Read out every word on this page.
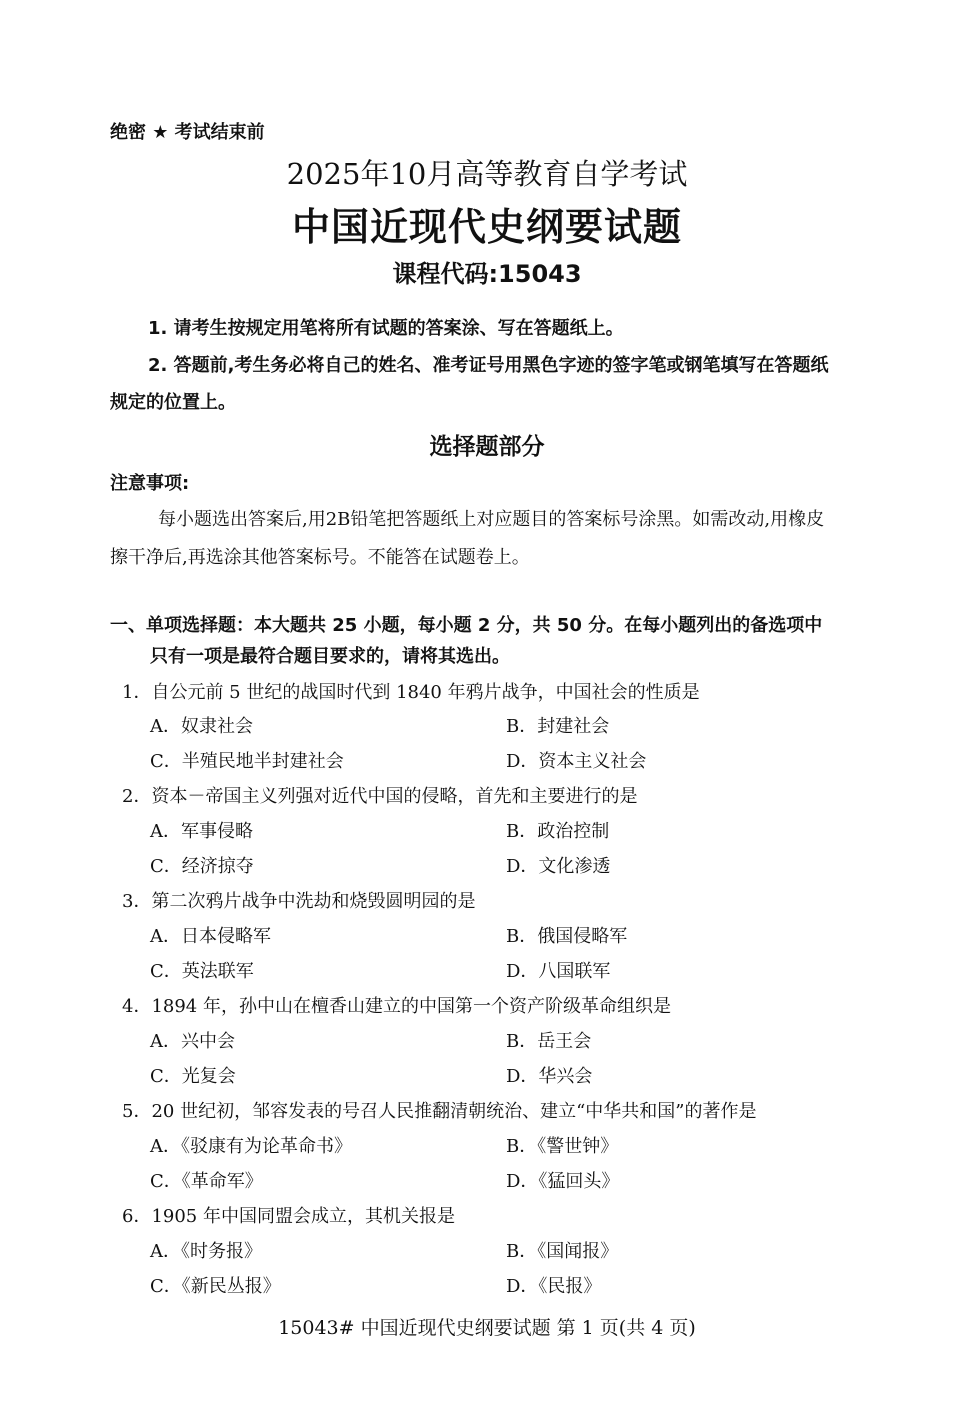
绝密 ★ 考试结束前
2025年10月高等教育自学考试
中国近现代史纲要试题
课程代码:15043
1. 请考生按规定用笔将所有试题的答案涂、写在答题纸上。
2. 答题前,考生务必将自己的姓名、准考证号用黑色字迹的签字笔或钢笔填写在答题纸
规定的位置上。
选择题部分
注意事项:
每小题选出答案后,用2B铅笔把答题纸上对应题目的答案标号涂黑。如需改动,用橡皮
擦干净后,再选涂其他答案标号。不能答在试题卷上。
一、单项选择题：本大题共 25 小题，每小题 2 分，共 50 分。在每小题列出的备选项中
只有一项是最符合题目要求的，请将其选出。
1．自公元前 5 世纪的战国时代到 1840 年鸦片战争，中国社会的性质是
A．奴隶社会	B．封建社会
C．半殖民地半封建社会	D．资本主义社会
2．资本－帝国主义列强对近代中国的侵略，首先和主要进行的是
A．军事侵略	B．政治控制
C．经济掠夺	D．文化渗透
3．第二次鸦片战争中洗劫和烧毁圆明园的是
A．日本侵略军	B．俄国侵略军
C．英法联军	D．八国联军
4．1894 年，孙中山在檀香山建立的中国第一个资产阶级革命组织是
A．兴中会	B．岳王会
C．光复会	D．华兴会
5．20 世纪初，邹容发表的号召人民推翻清朝统治、建立“中华共和国”的著作是
A．《驳康有为论革命书》	B．《警世钟》
C．《革命军》	D．《猛回头》
6．1905 年中国同盟会成立，其机关报是
A．《时务报》	B．《国闻报》
C．《新民丛报》	D．《民报》
15043# 中国近现代史纲要试题 第 1 页(共 4 页)
